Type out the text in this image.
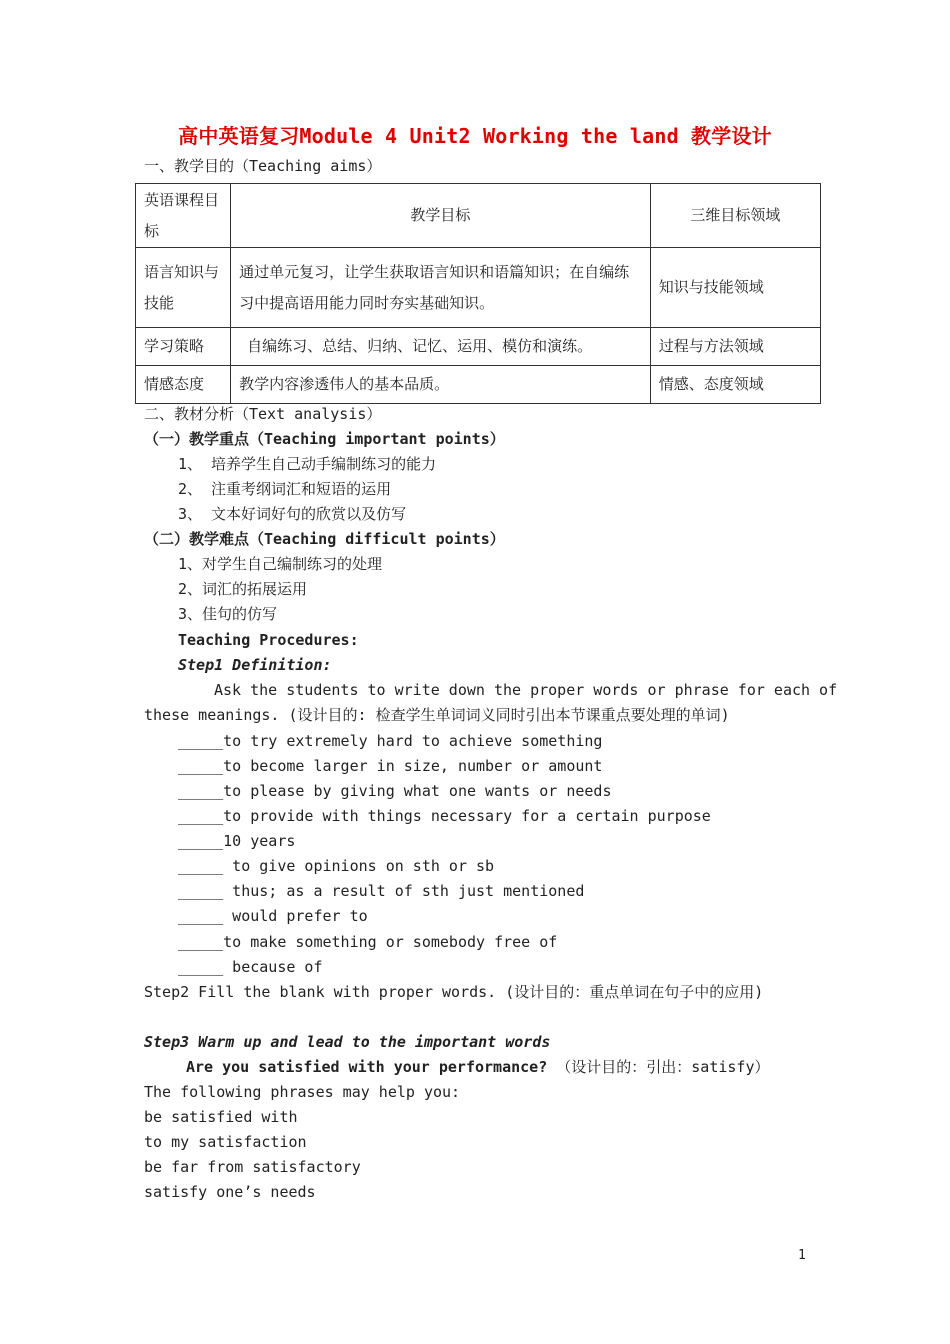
高中英语复习Module 4 Unit2 Working the land 教学设计
一、教学目的（Teaching aims）
英语课程目标	教学目标	三维目标领域
语言知识与技能	通过单元复习，让学生获取语言知识和语篇知识；在自编练习中提高语用能力同时夯实基础知识。	知识与技能领域
学习策略	自编练习、总结、归纳、记忆、运用、模仿和演练。	过程与方法领域
情感态度	教学内容渗透伟人的基本品质。	情感、态度领域
二、教材分析（Text analysis）
（一）教学重点（Teaching important points）
1、 培养学生自己动手编制练习的能力
2、 注重考纲词汇和短语的运用
3、 文本好词好句的欣赏以及仿写
（二）教学难点（Teaching difficult points）
1、对学生自己编制练习的处理
2、词汇的拓展运用
3、佳句的仿写
Teaching Procedures:
Step1 Definition:
Ask the students to write down the proper words or phrase for each of
these meanings. (设计目的: 检查学生单词词义同时引出本节课重点要处理的单词)
_____to try extremely hard to achieve something
_____to become larger in size, number or amount
_____to please by giving what one wants or needs
_____to provide with things necessary for a certain purpose
_____10 years
_____ to give opinions on sth or sb
_____ thus; as a result of sth just mentioned
_____ would prefer to
_____to make something or somebody free of
_____ because of
Step2 Fill the blank with proper words. (设计目的：重点单词在句子中的应用)
Step3 Warm up and lead to the important words
Are you satisfied with your performance? （设计目的：引出：satisfy）
The following phrases may help you:
be satisfied with
to my satisfaction
be far from satisfactory
satisfy one’s needs
1
